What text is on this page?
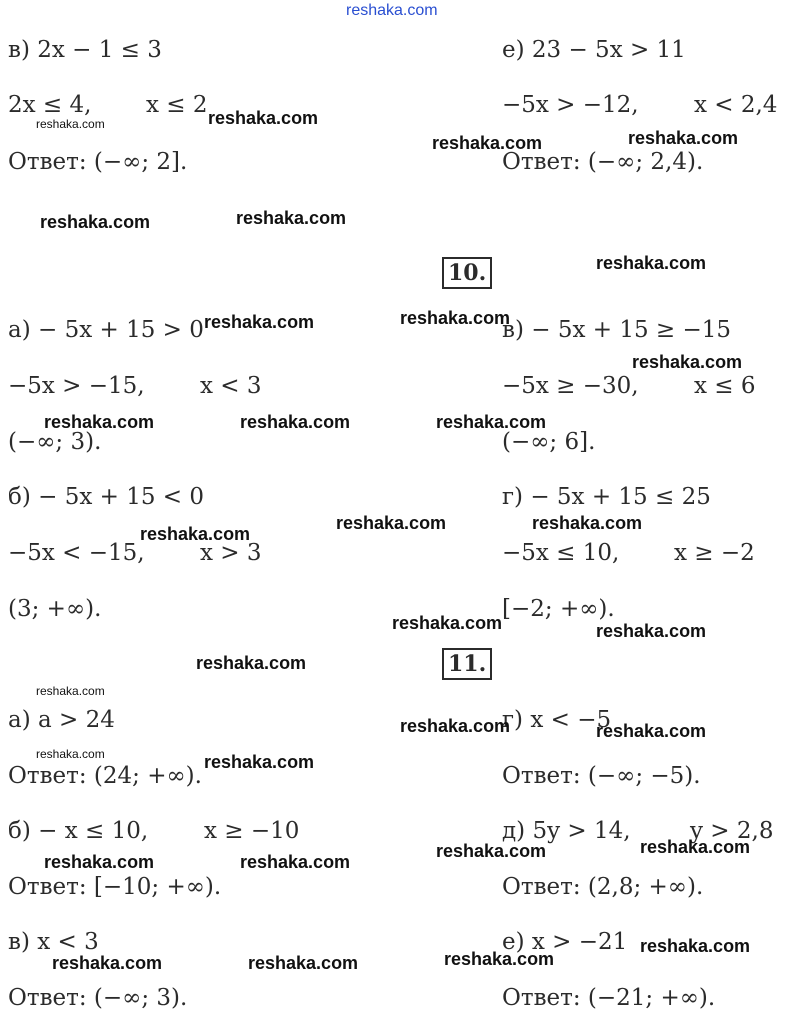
reshaka.com
в) 2x − 1 ≤ 3
2x ≤ 4, x ≤ 2
Ответ: (−∞; 2].
а) − 5x + 15 > 0
−5x > −15, x < 3
(−∞; 3).
б) − 5x + 15 < 0
−5x < −15, x > 3
(3; +∞).
а) a > 24
Ответ: (24; +∞).
б) − x ≤ 10, x ≥ −10
Ответ: [−10; +∞).
в) x < 3
Ответ: (−∞; 3).
е) 23 − 5x > 11
−5x > −12, x < 2,4
Ответ: (−∞; 2,4).
в) − 5x + 15 ≥ −15
−5x ≥ −30, x ≤ 6
(−∞; 6].
г) − 5x + 15 ≤ 25
−5x ≤ 10, x ≥ −2
[−2; +∞).
г) x < −5
Ответ: (−∞; −5).
д) 5y > 14,	y > 2,8
Ответ: (2,8; +∞).
е) x > −21
Ответ: (−21; +∞).
10.
11.
reshaka.com	reshaka.com
reshaka.com	reshaka.com
reshaka.com	reshaka.com
reshaka.com
reshaka.com	reshaka.com
reshaka.com
reshaka.com	reshaka.com	reshaka.com
reshaka.com	reshaka.com
reshaka.com
reshaka.com	reshaka.com
reshaka.com
reshaka.com
reshaka.com	reshaka.com
reshaka.com	reshaka.com
reshaka.com	reshaka.com
reshaka.com	reshaka.com
reshaka.com
reshaka.com
reshaka.com	reshaka.com
